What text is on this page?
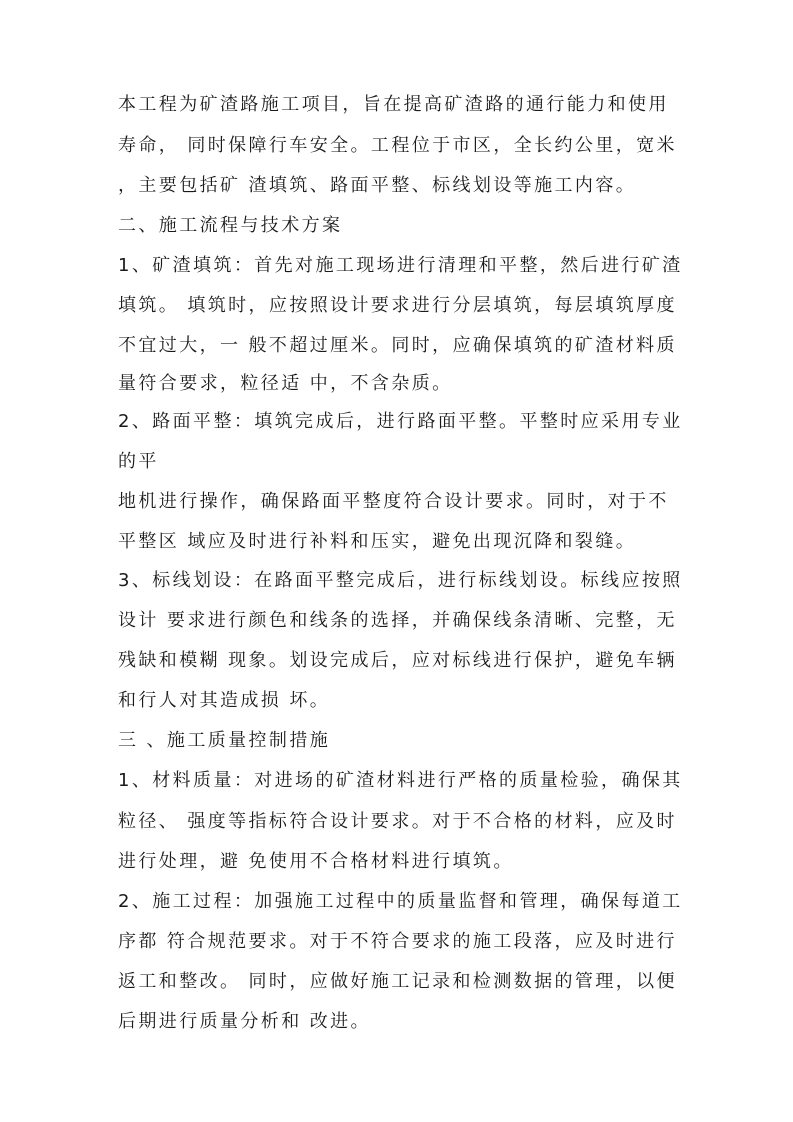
本工程为矿渣路施工项目，旨在提高矿渣路的通行能力和使用
寿命， 同时保障行车安全。工程位于市区，全长约公里，宽米
，主要包括矿 渣填筑、路面平整、标线划设等施工内容。
二、施工流程与技术方案
1、矿渣填筑：首先对施工现场进行清理和平整，然后进行矿渣
填筑。 填筑时，应按照设计要求进行分层填筑，每层填筑厚度
不宜过大，一 般不超过厘米。同时，应确保填筑的矿渣材料质
量符合要求，粒径适 中，不含杂质。
2、路面平整：填筑完成后，进行路面平整。平整时应采用专业
的平
地机进行操作，确保路面平整度符合设计要求。同时，对于不
平整区 域应及时进行补料和压实，避免出现沉降和裂缝。
3、标线划设：在路面平整完成后，进行标线划设。标线应按照
设计 要求进行颜色和线条的选择，并确保线条清晰、完整，无
残缺和模糊 现象。划设完成后，应对标线进行保护，避免车辆
和行人对其造成损 坏。
三 、施工质量控制措施
1、材料质量：对进场的矿渣材料进行严格的质量检验，确保其
粒径、 强度等指标符合设计要求。对于不合格的材料，应及时
进行处理，避 免使用不合格材料进行填筑。
2、施工过程：加强施工过程中的质量监督和管理，确保每道工
序都 符合规范要求。对于不符合要求的施工段落，应及时进行
返工和整改。 同时，应做好施工记录和检测数据的管理，以便
后期进行质量分析和 改进。
